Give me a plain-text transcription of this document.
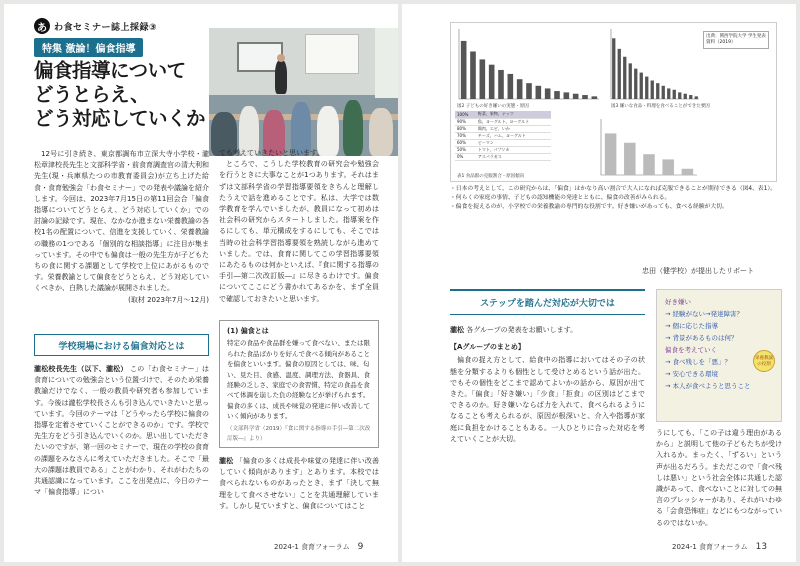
あ わ食セミナー誌上採録③
特集 激論！偏食指導
偏食指導について
どうとらえ、
どう対応していくか

12号に引き続き、東京都調布市立深大寺小学校・瀧松章津校長先生と文部科学省・前食育調査官の清大利和先生(現・兵庫県たつの市教育委員会)が立ち上げた給食・食育勉強会「わ食セミナー」での発表や議論を紹介します。今回は、2023年7月15日の第11回会合「偏食指導についてどうとらえ、どう対応していくか」での討論の記録です。現在、なかなか進まない栄養教諭の各校1名の配置について、信進を支援していく、栄養教諭の職務の1つである「個別的な相談指導」に注目が集まっています。その中でも偏食は一般の先生方が子どもたちの食に関する課題として学校で上位にあがるものです。栄養教諭として偏食をどうとらえ、どう対応していくべきか、白熱した議論が展開されました。

(取材 2023年7月〜12月)
学校現場における偏食対応とは
瀧松校長先生（以下、瀧松） この「わ食セミナー」は食育についての勉強会という位置づけで、そのため栄養教諭だけでなく、一般の教員や研究者も参加しています。今後は瀧松学校長さんも引き込んでいきたいと思っています。今回のテーマは「どうやったら学校に偏食の指導を定着させていくことができるのか」です。学校で先生方をどう引き込んでいくのか。思い出していただきたいのですが、第一回のセミナーで、現在の学校の食育の課題をみなさんに考えていただきました。そこで「最大の課題は教員である」ことがわかり、それがわたちの共通認識になっています。ここを出発点に、今日のテーマ「偏食指導」につい

ても考えていきたいと思います。

ところで、こうした学校教育の研究会や勉強会を行うときに大事なことが1つあります。それはまずは文部科学省の学習指導要領をきちんと理解したうえで話を進めることです。私は、大学では数学教育を学んでいましたが、教員になって初めは社会科の研究からスタートしました。指導案を作るにしても、単元構成をするにしても、そこでは当時の社会科学習指導要領を熟読しながら進めていました。では、食育に関してこの学習指導要領にあたるものは何かといえば、『食に関する指導の手引―第二次改訂版―』に尽きるわけです。偏食についてここにどう書かれてあるかを、まず全員で確認しておきたいと思います。

(1) 偏食とは
特定の食品や食品群を嫌って食べない、または限られた食品ばかりを好んで食べる傾向があることを偏食といいます。偏食の原因としては、味、匂い、見た目、食感、温度、調理方法、食器具、食経験の乏しさ、家庭での食習慣、特定の食品を食べて体調を崩した負の経験などが挙げられます。偏食の多くは、成長や味覚の発達に伴い改善していく傾向があります。
（文部科学省（2019）『食に関する指導の手引―第二次改訂版―』より）
瀧松 「偏食の多くは成長や味覚の発達に伴い改善していく傾向があります」とあります。本校では食べられないものがあったとき、まず「決して無理をして食べさせない」ことを共通理解しています。しかし見ていますと、偏食についてはこと
2024-1 食育フォーラム 9
図2 子どもの好き嫌いの実態・原因	図3 嫌いな食品・料理を食べることができた要因
100%	野菜、果物、ナッツ
90%	魚、ヨーグルト、ヨーグルト
80%	鶏肉、エビ、いか
70%	チーズ、ハム、ヨーグルト
60%	ピーマン
50%	トマト、パプリカ
0%	アスパラガス
表1 食品群の克服割合・原因傾向
出典：関西学院大学 学生発表資料（2019）
・日本の考えとして、この研究からは、「偏食」はかなり高い割合で大人になれば克服できることが期待できる（図4、表1）。
・何らくの家庭の事情、子どもの認知機能の発達とともに、偏食の改善がみられる。
・偏食を捉えるのが、小学校での栄養教諭の専門的な役割です。好き嫌いがあっても、食べる経験が大切。
忠田（健学校）が提出したリポート
ステップを踏んだ対応が大切では
瀧松 各グループの発表をお願いします。
【Aグループのまとめ】

偏食の捉え方として、給食中の指導においてはその子の状態を分類するよりも個性として受けとめるという話が出た。でもその個性をどこまで認めてよいかの話から、原因が出てきた。「偏食」「好き嫌い」「少食」「拒食」の区別はどこまでできるのか。好き嫌いならば力を入れて、食べられるようになることも考えられるが、原因が根深いと、介入や指導が家庭に負担をかけることもある。一人ひとりに合った対応を考えていくことが大切。

好き嫌い
→ 経験がない→発達障害？
→ 個に応じた指導
→ 背景があるものは何？
偏食を考えていく
→ 食べ残しを「悪」？
→ 安心できる環境
→ 本人が食べようと思うこと
栄養教諭の役割

うにしても、「この子は違う理由があるから」と説明して他の子どもたちが受け入れるか。まったく、「ずるい」という声が出るだろう。まただこので「食べ残しは悪い」という社会全体に共通した認識があって、食べないことに対しての無言のプレッシャーがあり、それがいわゆる「会食恐怖症」などにもつながっているのではないか。

2024-1 食育フォーラム 13
